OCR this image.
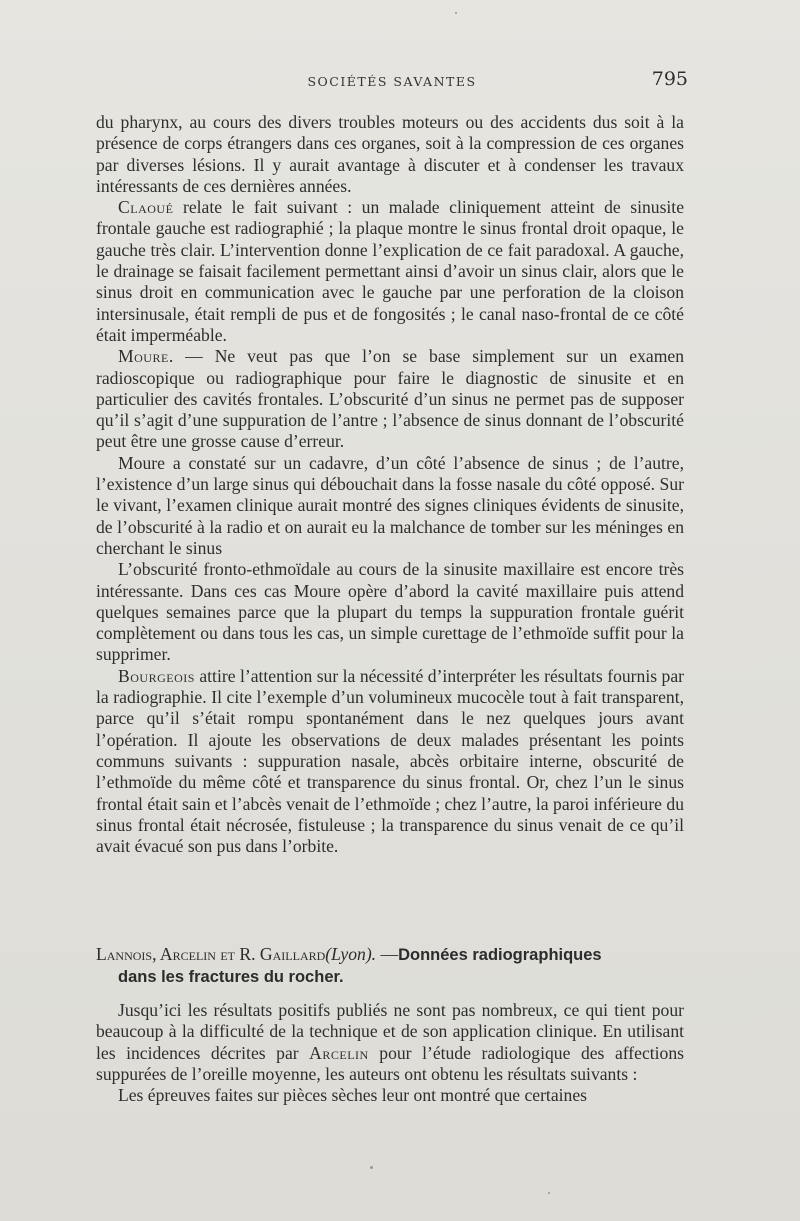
SOCIÉTÉS SAVANTES	795

du pharynx, au cours des divers troubles moteurs ou des accidents dus soit à la présence de corps étrangers dans ces organes, soit à la compression de ces organes par diverses lésions. Il y aurait avantage à discuter et à condenser les travaux intéressants de ces dernières années.

Claoué relate le fait suivant : un malade cliniquement atteint de sinusite frontale gauche est radiographié ; la plaque montre le sinus frontal droit opaque, le gauche très clair. L’intervention donne l’explication de ce fait paradoxal. A gauche, le drainage se faisait facilement permettant ainsi d’avoir un sinus clair, alors que le sinus droit en communication avec le gauche par une perforation de la cloison intersinusale, était rempli de pus et de fongosités ; le canal naso-frontal de ce côté était imperméable.

Moure. — Ne veut pas que l’on se base simplement sur un examen radioscopique ou radiographique pour faire le diagnostic de sinusite et en particulier des cavités frontales. L’obscurité d’un sinus ne permet pas de supposer qu’il s’agit d’une suppuration de l’antre ; l’absence de sinus donnant de l’obscurité peut être une grosse cause d’erreur.

Moure a constaté sur un cadavre, d’un côté l’absence de sinus ; de l’autre, l’existence d’un large sinus qui débouchait dans la fosse nasale du côté opposé. Sur le vivant, l’examen clinique aurait montré des signes cliniques évidents de sinusite, de l’obscurité à la radio et on aurait eu la malchance de tomber sur les méninges en cherchant le sinus

L’obscurité fronto-ethmoïdale au cours de la sinusite maxillaire est encore très intéressante. Dans ces cas Moure opère d’abord la cavité maxillaire puis attend quelques semaines parce que la plupart du temps la suppuration frontale guérit complètement ou dans tous les cas, un simple curettage de l’ethmoïde suffit pour la supprimer.

Bourgeois attire l’attention sur la nécessité d’interpréter les résultats fournis par la radiographie. Il cite l’exemple d’un volumineux mucocèle tout à fait transparent, parce qu’il s’était rompu spontanément dans le nez quelques jours avant l’opération. Il ajoute les observations de deux malades présentant les points communs suivants : suppuration nasale, abcès orbitaire interne, obscurité de l’ethmoïde du même côté et transparence du sinus frontal. Or, chez l’un le sinus frontal était sain et l’abcès venait de l’ethmoïde ; chez l’autre, la paroi inférieure du sinus frontal était nécrosée, fistuleuse ; la transparence du sinus venait de ce qu’il avait évacué son pus dans l’orbite.

Lannois, Arcelin et R. Gaillard(Lyon). —Données radiographiques
dans les fractures du rocher.

Jusqu’ici les résultats positifs publiés ne sont pas nombreux, ce qui tient pour beaucoup à la difficulté de la technique et de son application clinique. En utilisant les incidences décrites par Arcelin pour l’étude radiologique des affections suppurées de l’oreille moyenne, les auteurs ont obtenu les résultats suivants :

Les épreuves faites sur pièces sèches leur ont montré que certaines
